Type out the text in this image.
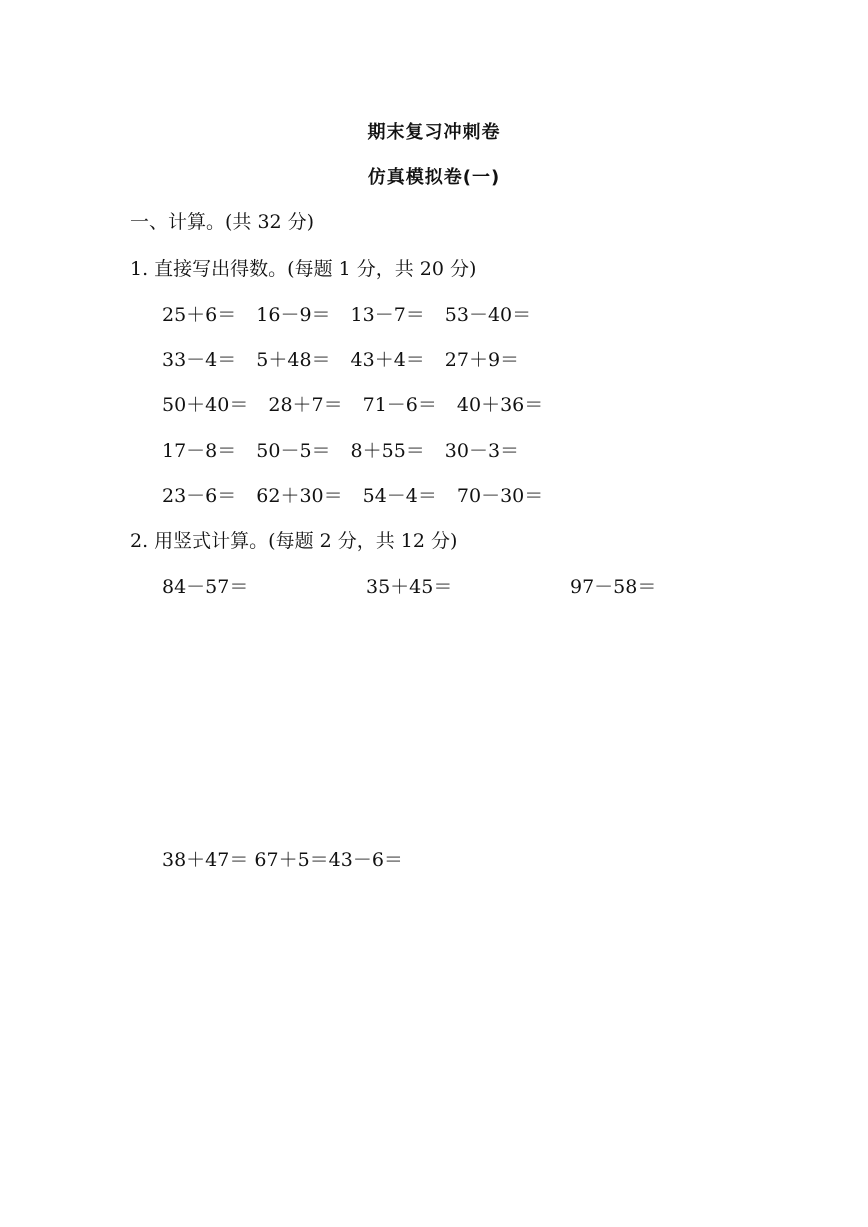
期末复习冲刺卷
仿真模拟卷(一)
一、计算。(共 32 分)
1. 直接写出得数。(每题 1 分，共 20 分)
25＋6＝ 16－9＝ 13－7＝ 53－40＝
33－4＝ 5＋48＝ 43＋4＝ 27＋9＝
50＋40＝ 28＋7＝ 71－6＝ 40＋36＝
17－8＝ 50－5＝ 8＋55＝ 30－3＝
23－6＝ 62＋30＝ 54－4＝ 70－30＝
2. 用竖式计算。(每题 2 分，共 12 分)
84－57＝	35＋45＝	97－58＝
38＋47＝ 67＋5＝43－6＝
